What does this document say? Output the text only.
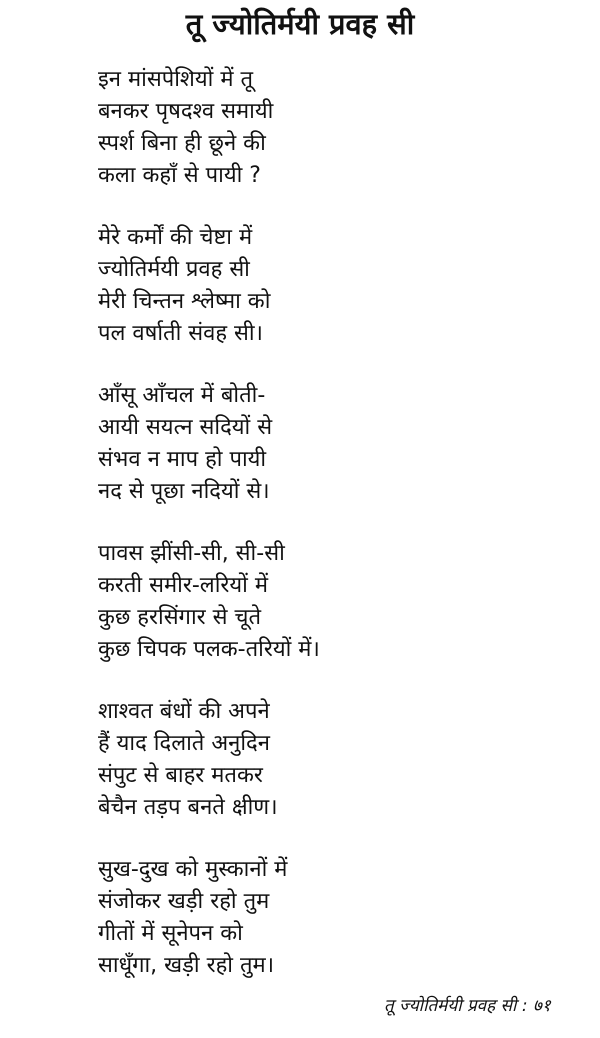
तू ज्योतिर्मयी प्रवह सी
इन मांसपेशियों में तू
बनकर पृषदश्व समायी
स्पर्श बिना ही छूने की
कला कहाँ से पायी ?
मेरे कर्मों की चेष्टा में
ज्योतिर्मयी प्रवह सी
मेरी चिन्तन श्लेष्मा को
पल वर्षाती संवह सी।
आँसू आँचल में बोती-
आयी सयत्न सदियों से
संभव न माप हो पायी
नद से पूछा नदियों से।
पावस झींसी-सी, सी-सी
करती समीर-लरियों में
कुछ हरसिंगार से चूते
कुछ चिपक पलक-तरियों में।
शाश्वत बंधों की अपने
हैं याद दिलाते अनुदिन
संपुट से बाहर मतकर
बेचैन तड़प बनते क्षीण।
सुख-दुख को मुस्कानों में
संजोकर खड़ी रहो तुम
गीतों में सूनेपन को
साधूँगा, खड़ी रहो तुम।
तू ज्योतिर्मयी प्रवह सी : ७१
